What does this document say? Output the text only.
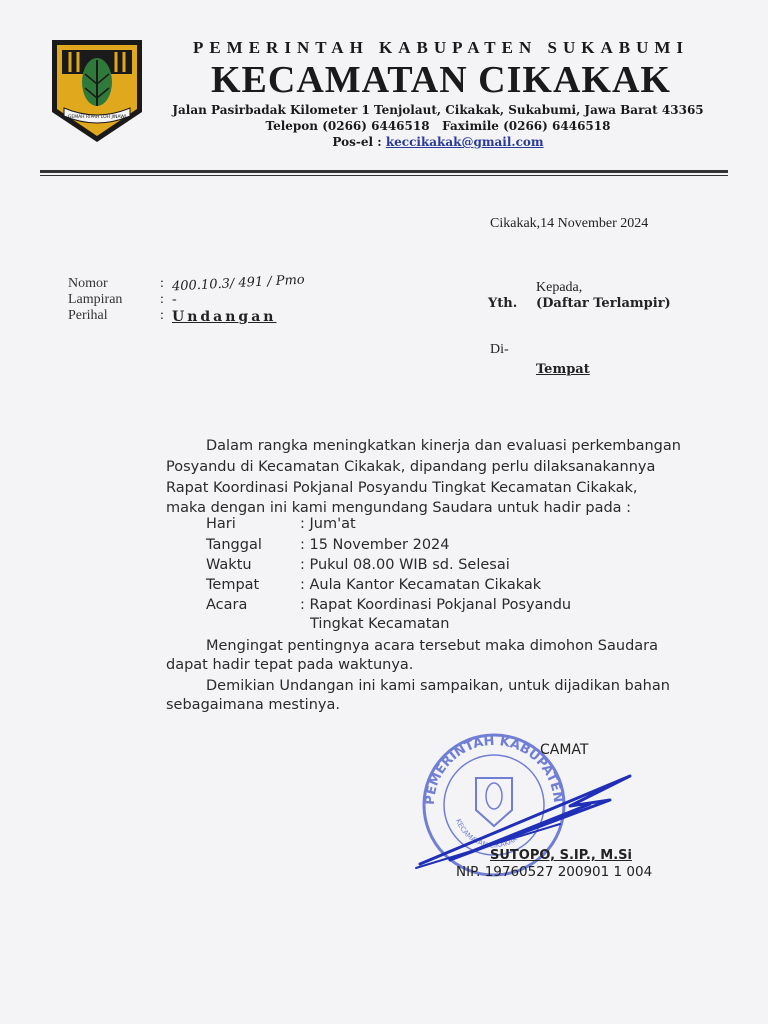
GEMAH RIPAH LOH JINAWI
PEMERINTAH KABUPATEN SUKABUMI
KECAMATAN CIKAKAK
Jalan Pasirbadak Kilometer 1 Tenjolaut, Cikakak, Sukabumi, Jawa Barat 43365
Telepon (0266) 6446518   Faximile (0266) 6446518
Pos-el : keccikakak@gmail.com
Cikakak,14 November 2024
Nomor	: 400.10.3/ 491 / Pmo
Lampiran	: -
Perihal	: Undangan
Kepada,
Yth. (Daftar Terlampir)
Di-
Tempat
Dalam rangka meningkatkan kinerja dan evaluasi perkembangan
Posyandu di Kecamatan Cikakak, dipandang perlu dilaksanakannya
Rapat Koordinasi Pokjanal Posyandu Tingkat Kecamatan Cikakak,
maka dengan ini kami mengundang Saudara untuk hadir pada :
Hari	: Jum'at
Tanggal	: 15 November 2024
Waktu	: Pukul 08.00 WIB sd. Selesai
Tempat	: Aula Kantor Kecamatan Cikakak
Acara	: Rapat Koordinasi Pokjanal Posyandu
Tingkat Kecamatan
Mengingat pentingnya acara tersebut maka dimohon Saudara
dapat hadir tepat pada waktunya.
Demikian Undangan ini kami sampaikan, untuk dijadikan bahan
sebagaimana mestinya.
PEMERINTAH KABUPATEN
KECAMATAN CIKAKAK
CAMAT
SUTOPO, S.IP., M.Si
NIP. 19760527 200901 1 004
